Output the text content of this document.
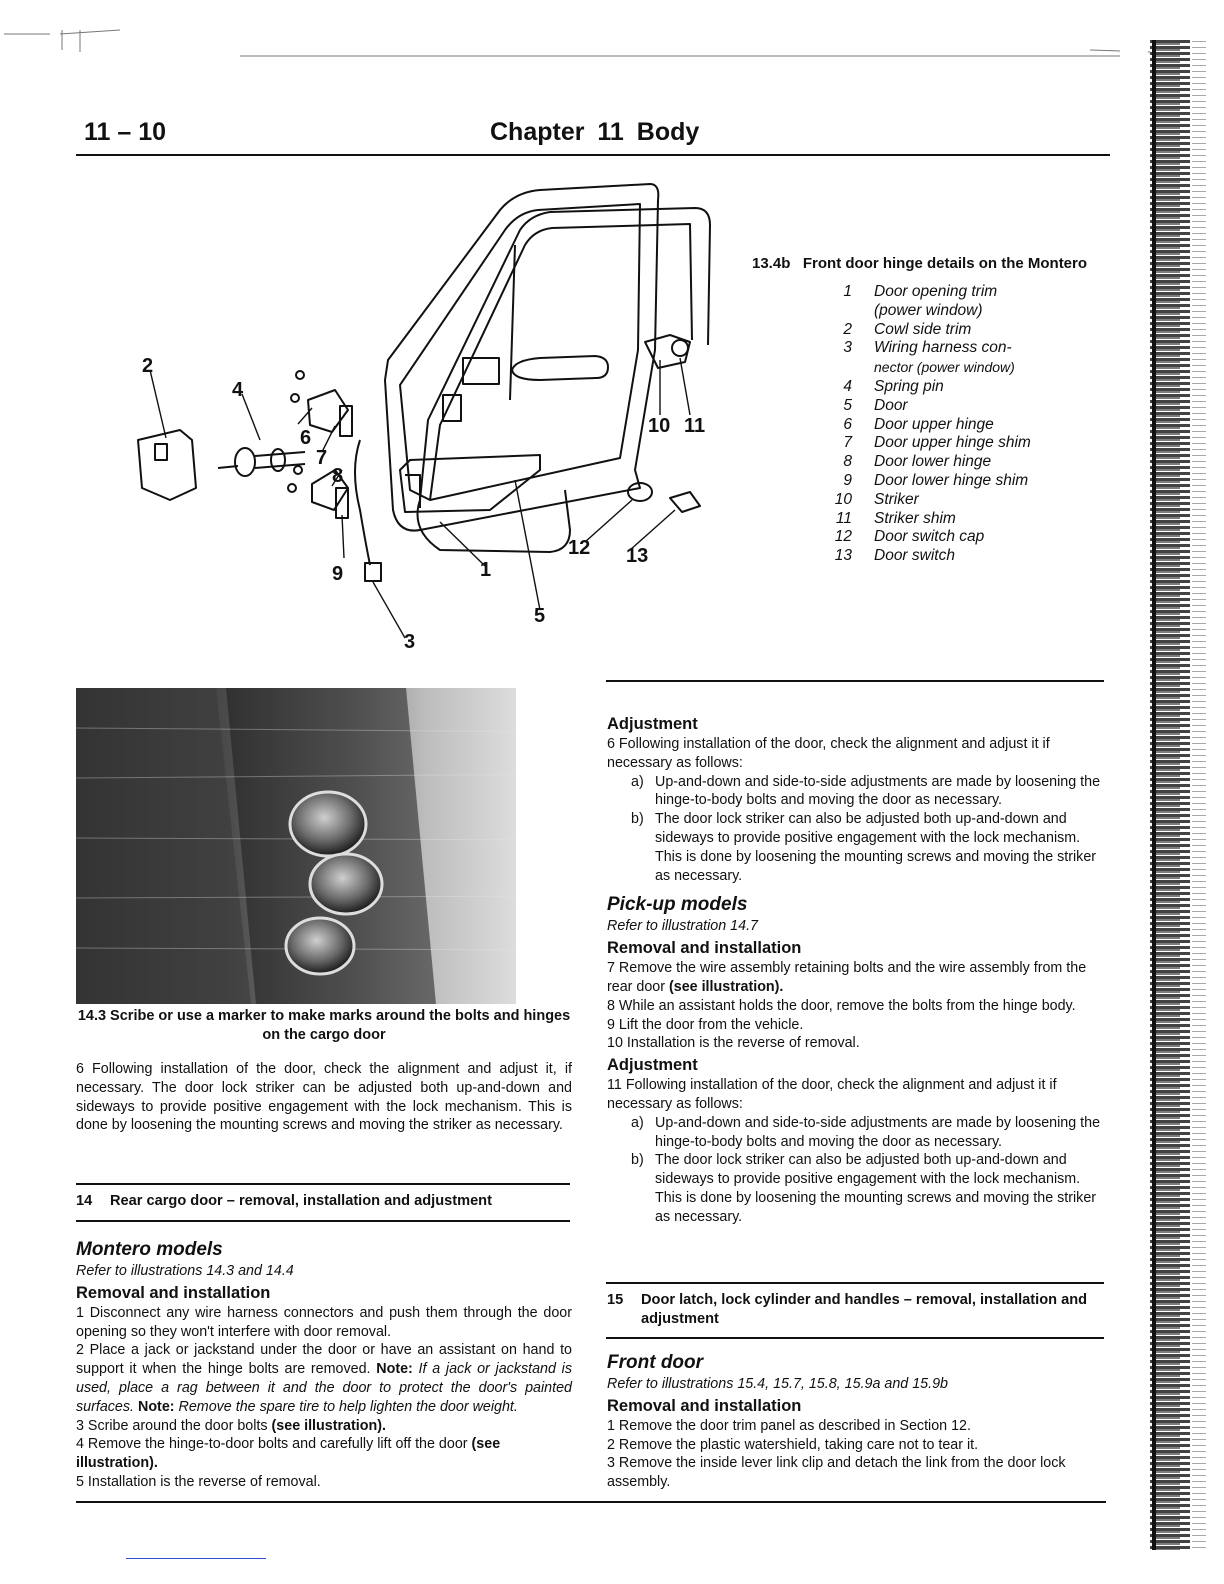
11 – 10	Chapter 11 Body
2
4
6
7
8
9	1
3
5
10 11
12 13
13.4b Front door hinge details on the Montero
1 Door opening trim
(power window)
2 Cowl side trim
3 Wiring harness con-
nector (power window)
4 Spring pin
5 Door
6 Door upper hinge
7 Door upper hinge shim
8 Door lower hinge
9 Door lower hinge shim
10 Striker
11 Striker shim
12 Door switch cap
13 Door switch
14.3 Scribe or use a marker to make marks around the bolts and hinges on the cargo door

6 Following installation of the door, check the alignment and adjust it, if necessary. The door lock striker can be adjusted both up-and-down and sideways to provide positive engagement with the lock mechanism. This is done by loosening the mounting screws and moving the striker as necessary.

14	Rear cargo door – removal, installation and adjustment
Montero models
Refer to illustrations 14.3 and 14.4
Removal and installation

1 Disconnect any wire harness connectors and push them through the door opening so they won't interfere with door removal.

2 Place a jack or jackstand under the door or have an assistant on hand to support it when the hinge bolts are removed. Note: If a jack or jackstand is used, place a rag between it and the door to protect the door's painted surfaces. Note: Remove the spare tire to help lighten the door weight.

3 Scribe around the door bolts (see illustration).

4 Remove the hinge-to-door bolts and carefully lift off the door (see illustration).

5 Installation is the reverse of removal.

Adjustment

6 Following installation of the door, check the alignment and adjust it if necessary as follows:

a) Up-and-down and side-to-side adjustments are made by loosening the hinge-to-body bolts and moving the door as necessary.
b) The door lock striker can also be adjusted both up-and-down and sideways to provide positive engagement with the lock mechanism. This is done by loosening the mounting screws and moving the striker as necessary.
Pick-up models
Refer to illustration 14.7
Removal and installation

7 Remove the wire assembly retaining bolts and the wire assembly from the rear door (see illustration).

8 While an assistant holds the door, remove the bolts from the hinge body.

9 Lift the door from the vehicle.

10 Installation is the reverse of removal.

Adjustment

11 Following installation of the door, check the alignment and adjust it if necessary as follows:

a) Up-and-down and side-to-side adjustments are made by loosening the hinge-to-body bolts and moving the door as necessary.
b) The door lock striker can also be adjusted both up-and-down and sideways to provide positive engagement with the lock mechanism. This is done by loosening the mounting screws and moving the striker as necessary.
15	Door latch, lock cylinder and handles – removal, installation and adjustment
Front door
Refer to illustrations 15.4, 15.7, 15.8, 15.9a and 15.9b
Removal and installation

1 Remove the door trim panel as described in Section 12.

2 Remove the plastic watershield, taking care not to tear it.

3 Remove the inside lever link clip and detach the link from the door lock assembly.
